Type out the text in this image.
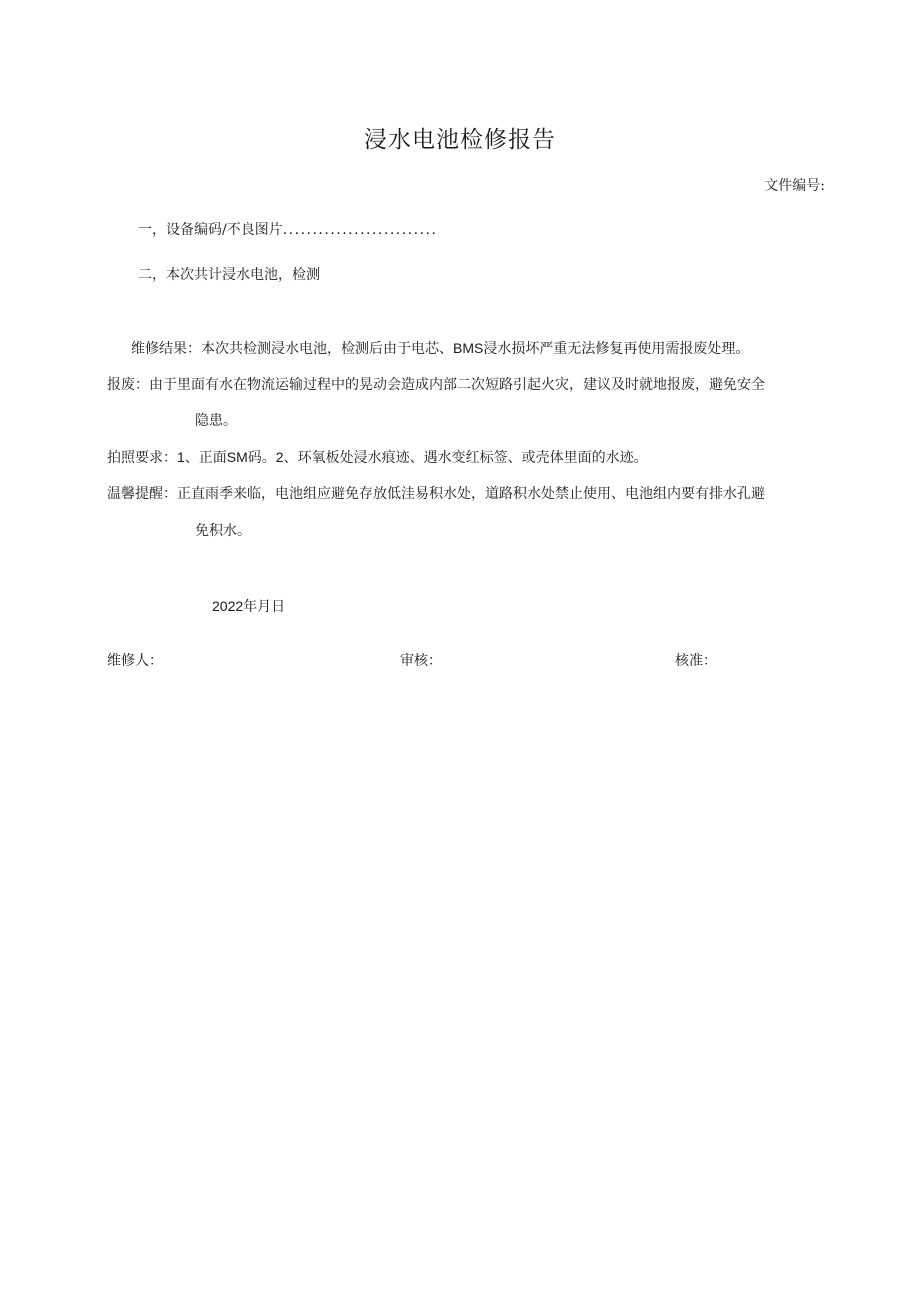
浸水电池检修报告
文件编号:
一，设备编码/不良图片..........................
二，本次共计浸水电池，检测
维修结果：本次共检测浸水电池，检测后由于电芯、BMS浸水损坏严重无法修复再使用需报废处理。
报废：由于里面有水在物流运输过程中的晃动会造成内部二次短路引起火灾，建议及时就地报废，避免安全
隐患。
拍照要求：1、正面SM码。2、环氧板处浸水痕迹、遇水变红标签、或壳体里面的水迹。
温馨提醒：正直雨季来临，电池组应避免存放低洼易积水处，道路积水处禁止使用、电池组内要有排水孔避
免积水。
2022年月日
维修人：	审核：	核准：
